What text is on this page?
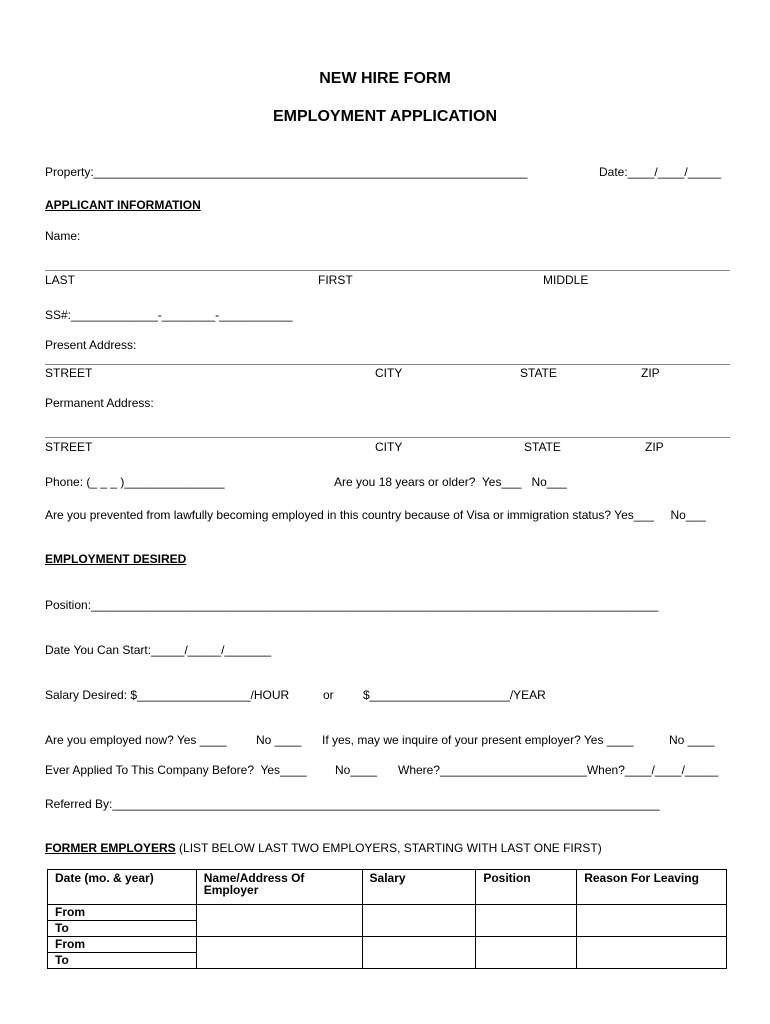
NEW HIRE FORM
EMPLOYMENT APPLICATION
Property:_________________________________________________________________	Date:____/____/_____
APPLICANT INFORMATION
Name:
LAST	FIRST	MIDDLE
SS#:_____________-________-___________
Present Address:
STREET	CITY	STATE	ZIP
Permanent Address:
STREET	CITY	STATE	ZIP
Phone: (_ _ _ )_______________	Are you 18 years or older?  Yes___   No___
Are you prevented from lawfully becoming employed in this country because of Visa or immigration status? Yes___     No___
EMPLOYMENT DESIRED
Position:_____________________________________________________________________________________
Date You Can Start:_____/_____/_______
Salary Desired: $_________________/HOUR	or $_____________________/YEAR
Are you employed now? Yes ____ No ____ If yes, may we inquire of your present employer? Yes ____	No ____
Ever Applied To This Company Before?  Yes____ No____ Where?______________________When?____/____/_____
Referred By:__________________________________________________________________________________
FORMER EMPLOYERS (LIST BELOW LAST TWO EMPLOYERS, STARTING WITH LAST ONE FIRST)
Date (mo. & year)	Name/Address Of Employer	Salary	Position	Reason For Leaving
From				
To				
From				
To				
